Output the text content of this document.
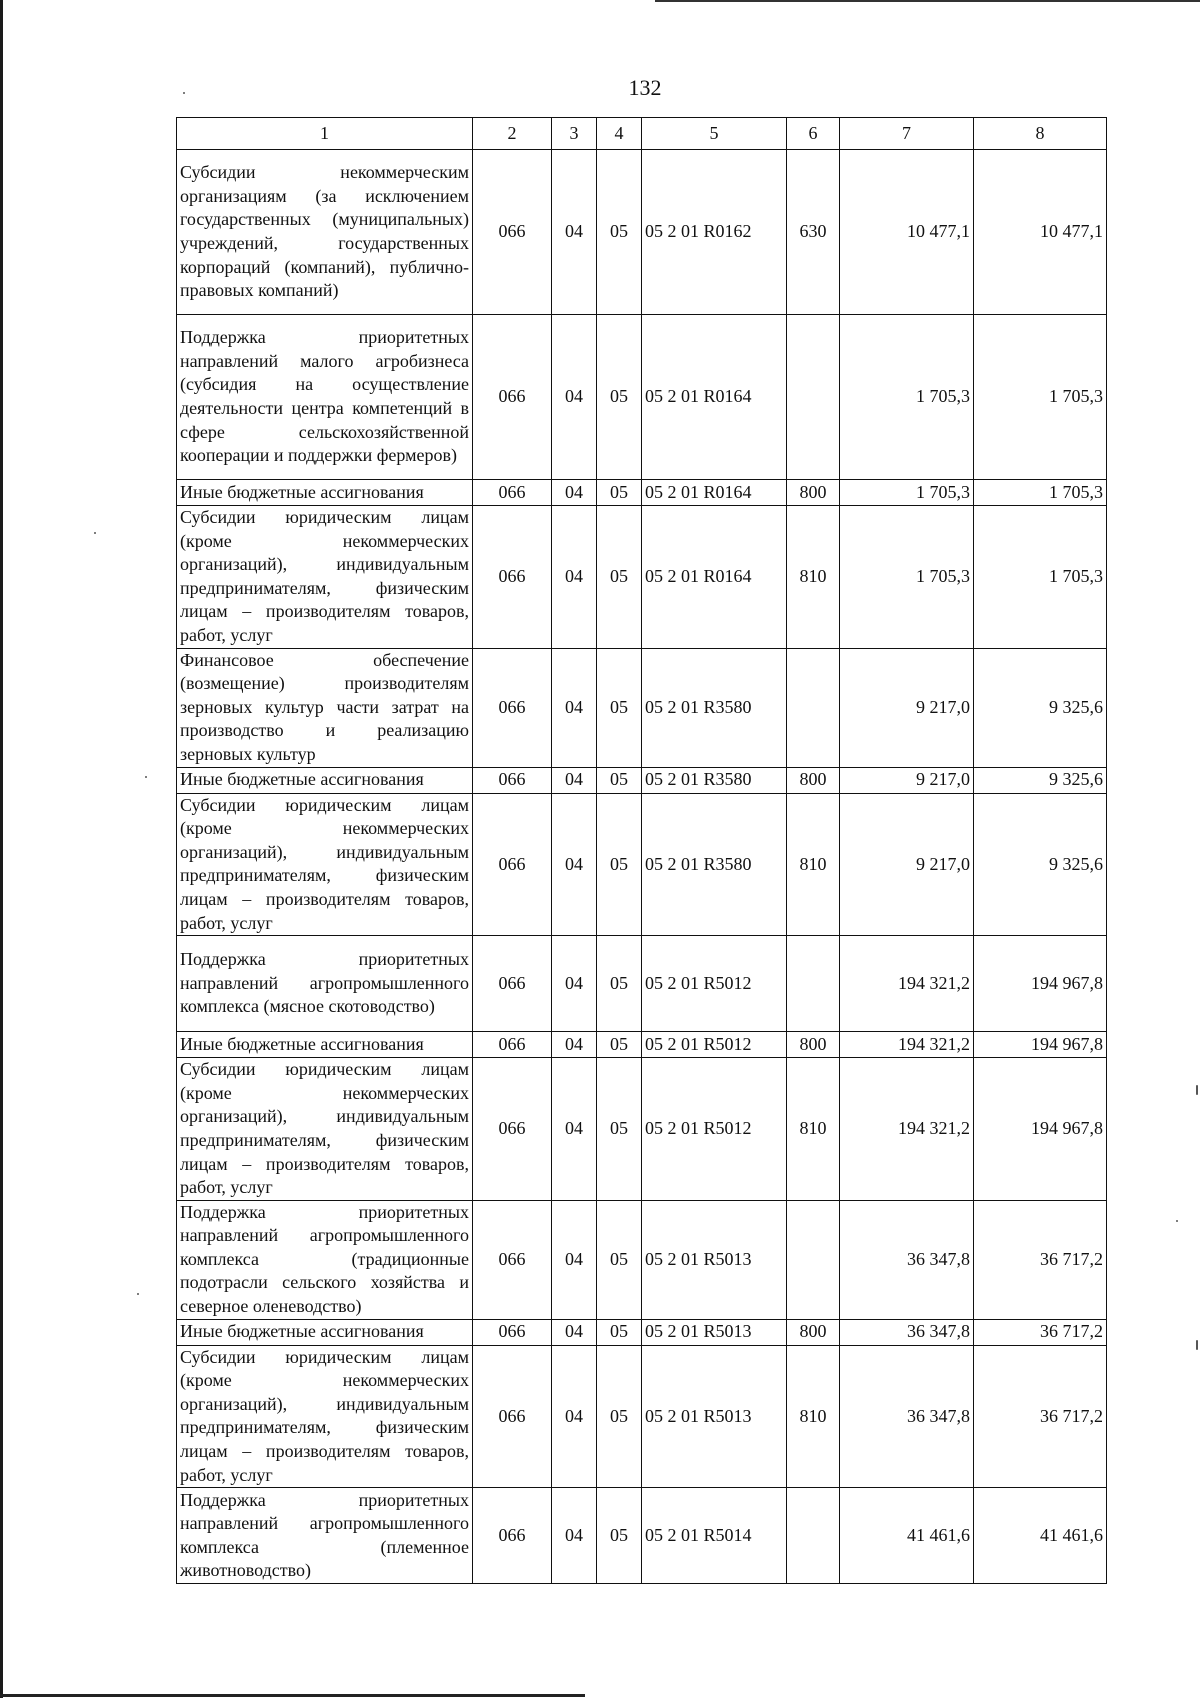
132
1	2	3	4	5	6	7	8
Субсидии некоммерческим организациям (за исключением государственных (муниципальных) учреждений, государственных корпораций (компаний), публично-правовых компаний)	066	04	05	05 2 01 R0162	630	10 477,1	10 477,1
Поддержка приоритетных направлений малого агробизнеса (субсидия на осуществление деятельности центра компетенций в сфере сельскохозяйственной кооперации и поддержки фермеров)	066	04	05	05 2 01 R0164		1 705,3	1 705,3
Иные бюджетные ассигнования	066	04	05	05 2 01 R0164	800	1 705,3	1 705,3
Субсидии юридическим лицам (кроме некоммерческих организаций), индивидуальным предпринимателям, физическим лицам – производителям товаров, работ, услуг	066	04	05	05 2 01 R0164	810	1 705,3	1 705,3
Финансовое обеспечение (возмещение) производителям зерновых культур части затрат на производство и реализацию зерновых культур	066	04	05	05 2 01 R3580		9 217,0	9 325,6
Иные бюджетные ассигнования	066	04	05	05 2 01 R3580	800	9 217,0	9 325,6
Субсидии юридическим лицам (кроме некоммерческих организаций), индивидуальным предпринимателям, физическим лицам – производителям товаров, работ, услуг	066	04	05	05 2 01 R3580	810	9 217,0	9 325,6
Поддержка приоритетных направлений агропромышленного комплекса (мясное скотоводство)	066	04	05	05 2 01 R5012		194 321,2	194 967,8
Иные бюджетные ассигнования	066	04	05	05 2 01 R5012	800	194 321,2	194 967,8
Субсидии юридическим лицам (кроме некоммерческих организаций), индивидуальным предпринимателям, физическим лицам – производителям товаров, работ, услуг	066	04	05	05 2 01 R5012	810	194 321,2	194 967,8
Поддержка приоритетных направлений агропромышленного комплекса (традиционные подотрасли сельского хозяйства и северное оленеводство)	066	04	05	05 2 01 R5013		36 347,8	36 717,2
Иные бюджетные ассигнования	066	04	05	05 2 01 R5013	800	36 347,8	36 717,2
Субсидии юридическим лицам (кроме некоммерческих организаций), индивидуальным предпринимателям, физическим лицам – производителям товаров, работ, услуг	066	04	05	05 2 01 R5013	810	36 347,8	36 717,2
Поддержка приоритетных направлений агропромышленного комплекса (племенное животноводство)	066	04	05	05 2 01 R5014		41 461,6	41 461,6
